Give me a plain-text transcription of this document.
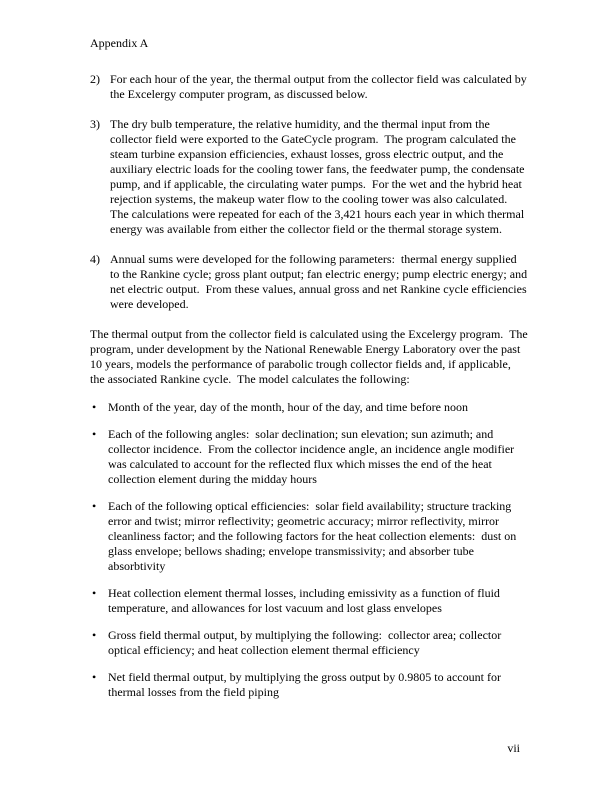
Appendix A
2) For each hour of the year, the thermal output from the collector field was calculated by the Excelergy computer program, as discussed below.
3) The dry bulb temperature, the relative humidity, and the thermal input from the collector field were exported to the GateCycle program.  The program calculated the steam turbine expansion efficiencies, exhaust losses, gross electric output, and the auxiliary electric loads for the cooling tower fans, the feedwater pump, the condensate pump, and if applicable, the circulating water pumps.  For the wet and the hybrid heat rejection systems, the makeup water flow to the cooling tower was also calculated.  The calculations were repeated for each of the 3,421 hours each year in which thermal energy was available from either the collector field or the thermal storage system.
4) Annual sums were developed for the following parameters:  thermal energy supplied to the Rankine cycle; gross plant output; fan electric energy; pump electric energy; and net electric output.  From these values, annual gross and net Rankine cycle efficiencies were developed.

The thermal output from the collector field is calculated using the Excelergy program.  The program, under development by the National Renewable Energy Laboratory over the past 10 years, models the performance of parabolic trough collector fields and, if applicable, the associated Rankine cycle.  The model calculates the following:

• Month of the year, day of the month, hour of the day, and time before noon
• Each of the following angles:  solar declination; sun elevation; sun azimuth; and collector incidence.  From the collector incidence angle, an incidence angle modifier was calculated to account for the reflected flux which misses the end of the heat collection element during the midday hours
• Each of the following optical efficiencies:  solar field availability; structure tracking error and twist; mirror reflectivity; geometric accuracy; mirror reflectivity, mirror cleanliness factor; and the following factors for the heat collection elements:  dust on glass envelope; bellows shading; envelope transmissivity; and absorber tube absorbtivity
• Heat collection element thermal losses, including emissivity as a function of fluid temperature, and allowances for lost vacuum and lost glass envelopes
• Gross field thermal output, by multiplying the following:  collector area; collector optical efficiency; and heat collection element thermal efficiency
• Net field thermal output, by multiplying the gross output by 0.9805 to account for thermal losses from the field piping
vii
